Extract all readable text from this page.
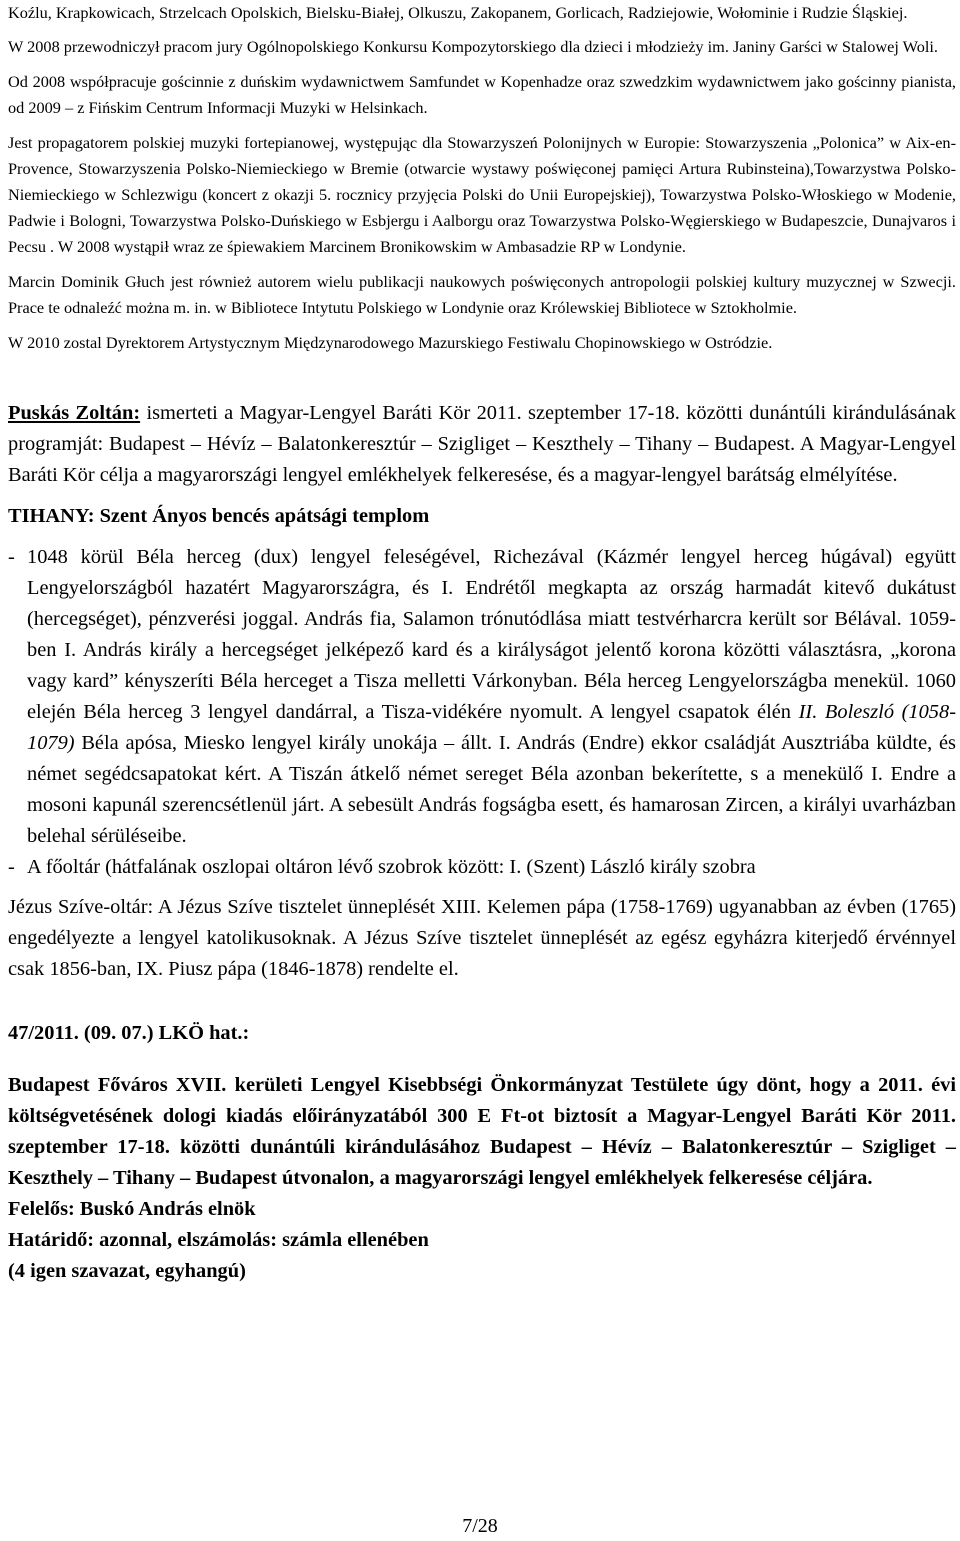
Koźlu, Krapkowicach, Strzelcach Opolskich, Bielsku-Białej, Olkuszu, Zakopanem, Gorlicach, Radziejowie, Wołominie i Rudzie Śląskiej.

W 2008 przewodniczył pracom jury Ogólnopolskiego Konkursu Kompozytorskiego dla dzieci i młodzieży im. Janiny Garści w Stalowej Woli.

Od 2008 współpracuje gościnnie z duńskim wydawnictwem Samfundet w Kopenhadze oraz szwedzkim wydawnictwem jako gościnny pianista, od 2009 – z Fińskim Centrum Informacji Muzyki w Helsinkach.

Jest propagatorem polskiej muzyki fortepianowej, występując dla Stowarzyszeń Polonijnych w Europie: Stowarzyszenia „Polonica” w Aix-en-Provence, Stowarzyszenia Polsko-Niemieckiego w Bremie (otwarcie wystawy poświęconej pamięci Artura Rubinsteina),Towarzystwa Polsko-Niemieckiego w Schlezwigu (koncert z okazji 5. rocznicy przyjęcia Polski do Unii Europejskiej), Towarzystwa Polsko-Włoskiego w Modenie, Padwie i Bologni, Towarzystwa Polsko-Duńskiego w Esbjergu i Aalborgu oraz Towarzystwa Polsko-Węgierskiego w Budapeszcie, Dunajvaros i Pecsu . W 2008 wystąpił wraz ze śpiewakiem Marcinem Bronikowskim w Ambasadzie RP w Londynie.

Marcin Dominik Głuch jest również autorem wielu publikacji naukowych poświęconych antropologii polskiej kultury muzycznej w Szwecji. Prace te odnaleźć można m. in. w Bibliotece Intytutu Polskiego w Londynie oraz Królewskiej Bibliotece w Sztokholmie.

W 2010 zostal Dyrektorem Artystycznym Międzynarodowego Mazurskiego Festiwalu Chopinowskiego w Ostródzie.

Puskás Zoltán: ismerteti a Magyar-Lengyel Baráti Kör 2011. szeptember 17-18. közötti dunántúli kirándulásának programját: Budapest – Hévíz – Balatonkeresztúr – Szigliget – Keszthely – Tihany – Budapest. A Magyar-Lengyel Baráti Kör célja a magyarországi lengyel emlékhelyek felkeresése, és a magyar-lengyel barátság elmélyítése.

TIHANY: Szent Ányos bencés apátsági templom

- 1048 körül Béla herceg (dux) lengyel feleségével, Richezával (Kázmér lengyel herceg húgával) együtt Lengyelországból hazatért Magyarországra, és I. Endrétől megkapta az ország harmadát kitevő dukátust (hercegséget), pénzverési joggal. András fia, Salamon trónutódlása miatt testvérharcra került sor Bélával. 1059-ben I. András király a hercegséget jelképező kard és a királyságot jelentő korona közötti választásra, „korona vagy kard” kényszeríti Béla herceget a Tisza melletti Várkonyban. Béla herceg Lengyelországba menekül. 1060 elején Béla herceg 3 lengyel dandárral, a Tisza-vidékére nyomult. A lengyel csapatok élén II. Boleszló (1058-1079) Béla apósa, Miesko lengyel király unokája – állt. I. András (Endre) ekkor családját Ausztriába küldte, és német segédcsapatokat kért. A Tiszán átkelő német sereget Béla azonban bekerítette, s a menekülő I. Endre a mosoni kapunál szerencsétlenül járt. A sebesült András fogságba esett, és hamarosan Zircen, a királyi uvarházban belehal sérüléseibe.
- A főoltár (hátfalának oszlopai oltáron lévő szobrok között: I. (Szent) László király szobra

Jézus Szíve-oltár: A Jézus Szíve tisztelet ünneplését XIII. Kelemen pápa (1758-1769) ugyanabban az évben (1765) engedélyezte a lengyel katolikusoknak. A Jézus Szíve tisztelet ünneplését az egész egyházra kiterjedő érvénnyel csak 1856-ban, IX. Piusz pápa (1846-1878) rendelte el.

47/2011. (09. 07.) LKÖ hat.:

Budapest Főváros XVII. kerületi Lengyel Kisebbségi Önkormányzat Testülete úgy dönt, hogy a 2011. évi költségvetésének dologi kiadás előirányzatából 300 E Ft-ot biztosít a Magyar-Lengyel Baráti Kör 2011. szeptember 17-18. közötti dunántúli kirándulásához Budapest – Hévíz – Balatonkeresztúr – Szigliget – Keszthely – Tihany – Budapest útvonalon, a magyarországi lengyel emlékhelyek felkeresése céljára.

Felelős: Buskó András elnök

Határidő: azonnal, elszámolás: számla ellenében

(4 igen szavazat, egyhangú)

7/28
